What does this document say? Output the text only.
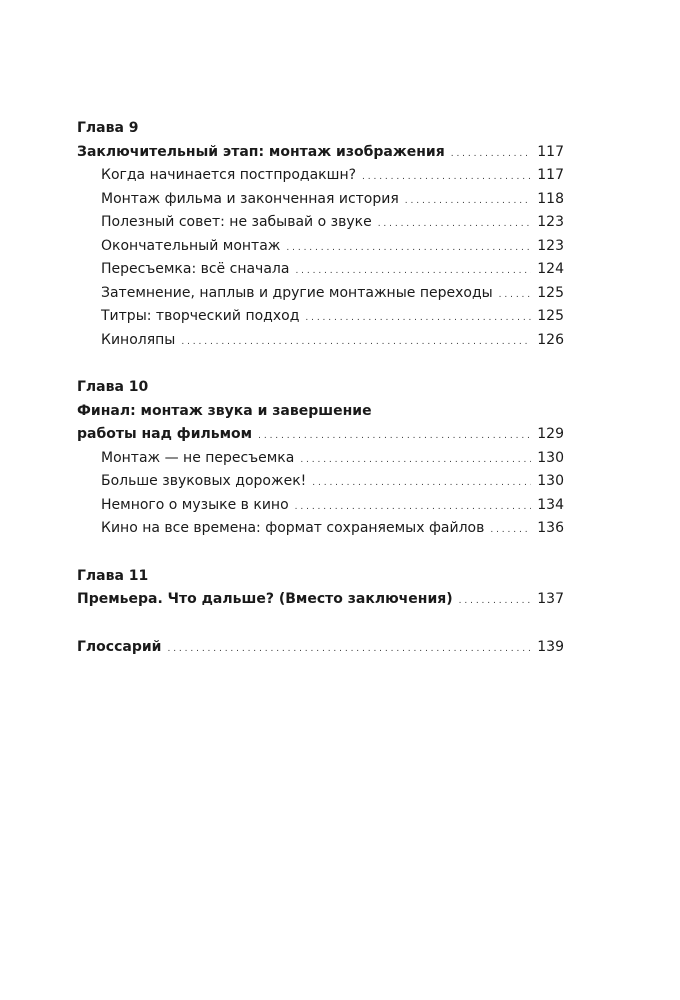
Глава 9
Заключительный этап: монтаж изображения . . .	117
Когда начинается постпродакшн? . . .	117
Монтаж фильма и законченная история . . .	118
Полезный совет: не забывай о звуке . . .	123
Окончательный монтаж . . .	123
Пересъемка: всё сначала . . .	124
Затемнение, наплыв и другие монтажные переходы . . .	125
Титры: творческий подход . . .	125
Киноляпы . . .	126
Глава 10
Финал: монтаж звука и завершение
работы над фильмом . . .	129
Монтаж — не пересъемка . . .	130
Больше звуковых дорожек! . . .	130
Немного о музыке в кино . . .	134
Кино на все времена: формат сохраняемых файлов . . .	136
Глава 11
Премьера. Что дальше? (Вместо заключения) . . .	137
Глоссарий . . .	139
